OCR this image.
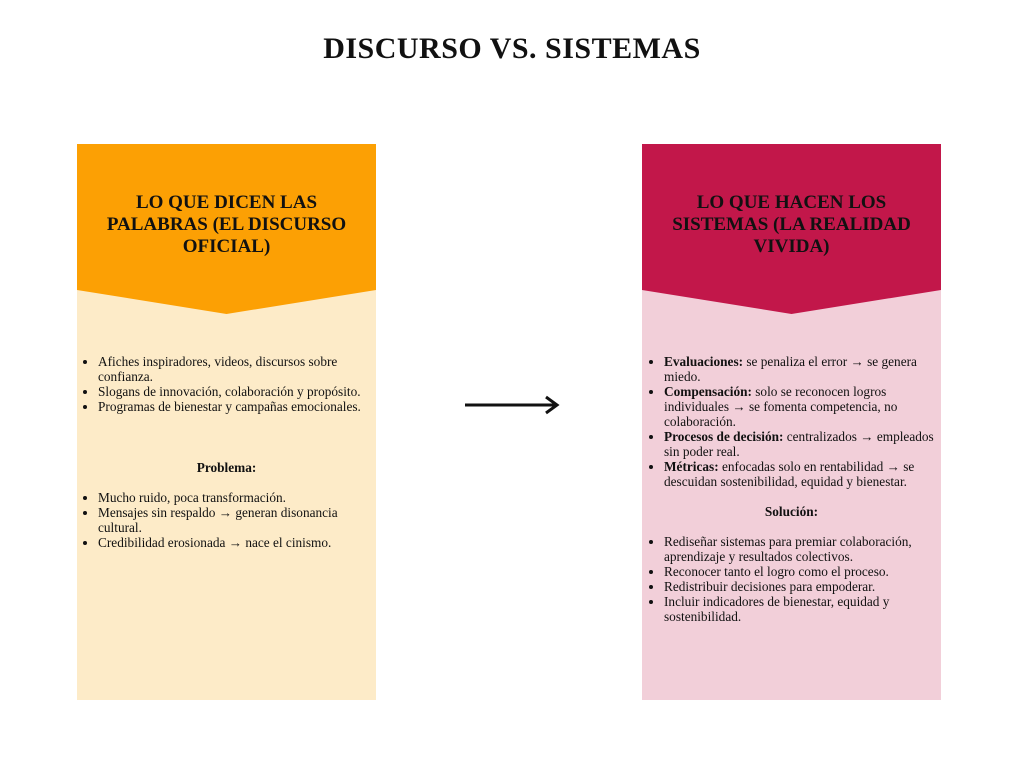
DISCURSO VS. SISTEMAS
LO QUE DICEN LAS PALABRAS (EL DISCURSO OFICIAL)
• Afiches inspiradores, videos, discursos sobre confianza.
• Slogans de innovación, colaboración y propósito.
• Programas de bienestar y campañas emocionales.

Problema:

• Mucho ruido, poca transformación.
• Mensajes sin respaldo → generan disonancia cultural.
• Credibilidad erosionada → nace el cinismo.
LO QUE HACEN LOS SISTEMAS (LA REALIDAD VIVIDA)
• Evaluaciones: se penaliza el error → se genera miedo.
• Compensación: solo se reconocen logros individuales → se fomenta competencia, no colaboración.
• Procesos de decisión: centralizados → empleados sin poder real.
• Métricas: enfocadas solo en rentabilidad → se descuidan sostenibilidad, equidad y bienestar.

Solución:

• Rediseñar sistemas para premiar colaboración, aprendizaje y resultados colectivos.
• Reconocer tanto el logro como el proceso.
• Redistribuir decisiones para empoderar.
• Incluir indicadores de bienestar, equidad y sostenibilidad.
